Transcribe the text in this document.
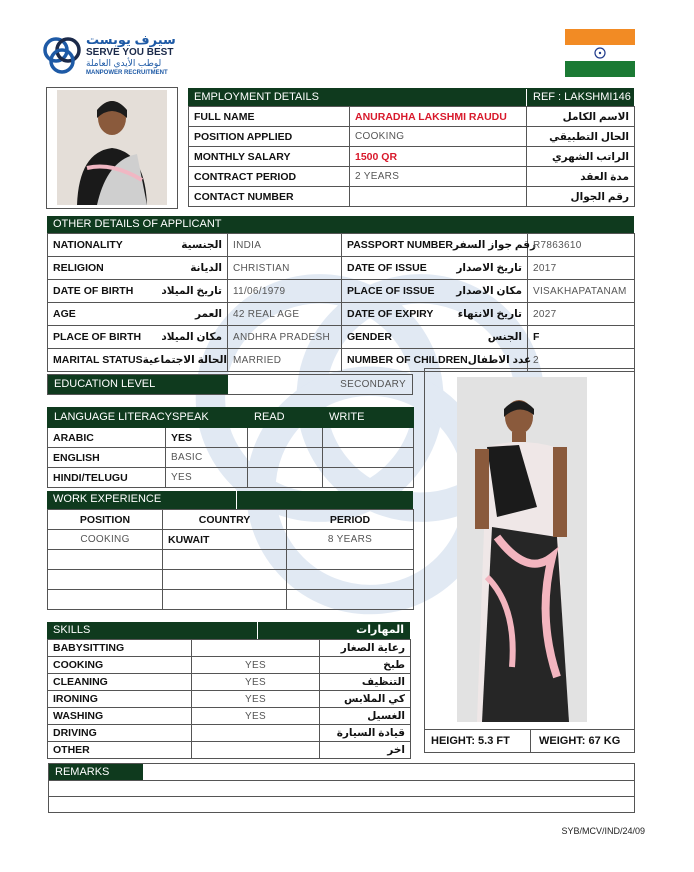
سيرف يوبست
SERVE YOU BEST
لوطب الأيدي العاملة
MANPOWER RECRUITMENT
EMPLOYMENT DETAILS	REF : LAKSHMI146
FULL NAME	ANURADHA LAKSHMI RAUDU	الاسم الكامل
POSITION APPLIED	COOKING	الحال التطبيقي
MONTHLY SALARY	1500 QR	الراتب الشهري
CONTRACT PERIOD	2 YEARS	مدة العقد
CONTACT NUMBER		رقم الجوال
OTHER DETAILS OF APPLICANT
NATIONALITY الجنسية	INDIA	PASSPORT NUMBER رقم جواز السفر	R7863610

RELIGION الديانة	CHRISTIAN	DATE OF ISSUE تاريخ الاصدار	2017

DATE OF BIRTH تاريخ الميلاد	11/06/1979	PLACE OF ISSUE مكان الاصدار	VISAKHAPATANAM

AGE العمر	42 REAL AGE	DATE OF EXPIRY تاريخ الانتهاء	2027

PLACE OF BIRTH مكان الميلاد	ANDHRA PRADESH	GENDER الجنس	F

MARITAL STATUS الحالة الاجتماعية	MARRIED	NUMBER OF CHILDREN عدد الاطفال	2
EDUCATION LEVEL	SECONDARY
LANGUAGE LITERACY	SPEAK	READ	WRITE
ARABIC	YES		
ENGLISH	BASIC		
HINDI/TELUGU	YES		
WORK EXPERIENCE
POSITION	COUNTRY	PERIOD
COOKING	KUWAIT	8 YEARS

SKILLS	المهارات
BABYSITTING		رعاية الصغار
COOKING	YES	طبخ
CLEANING	YES	التنظيف
IRONING	YES	كي الملابس
WASHING	YES	الغسيل
DRIVING		قيادة السيارة
OTHER		اخر
HEIGHT: 5.3 FT	WEIGHT: 67 KG
REMARKS
SYB/MCV/IND/24/09
